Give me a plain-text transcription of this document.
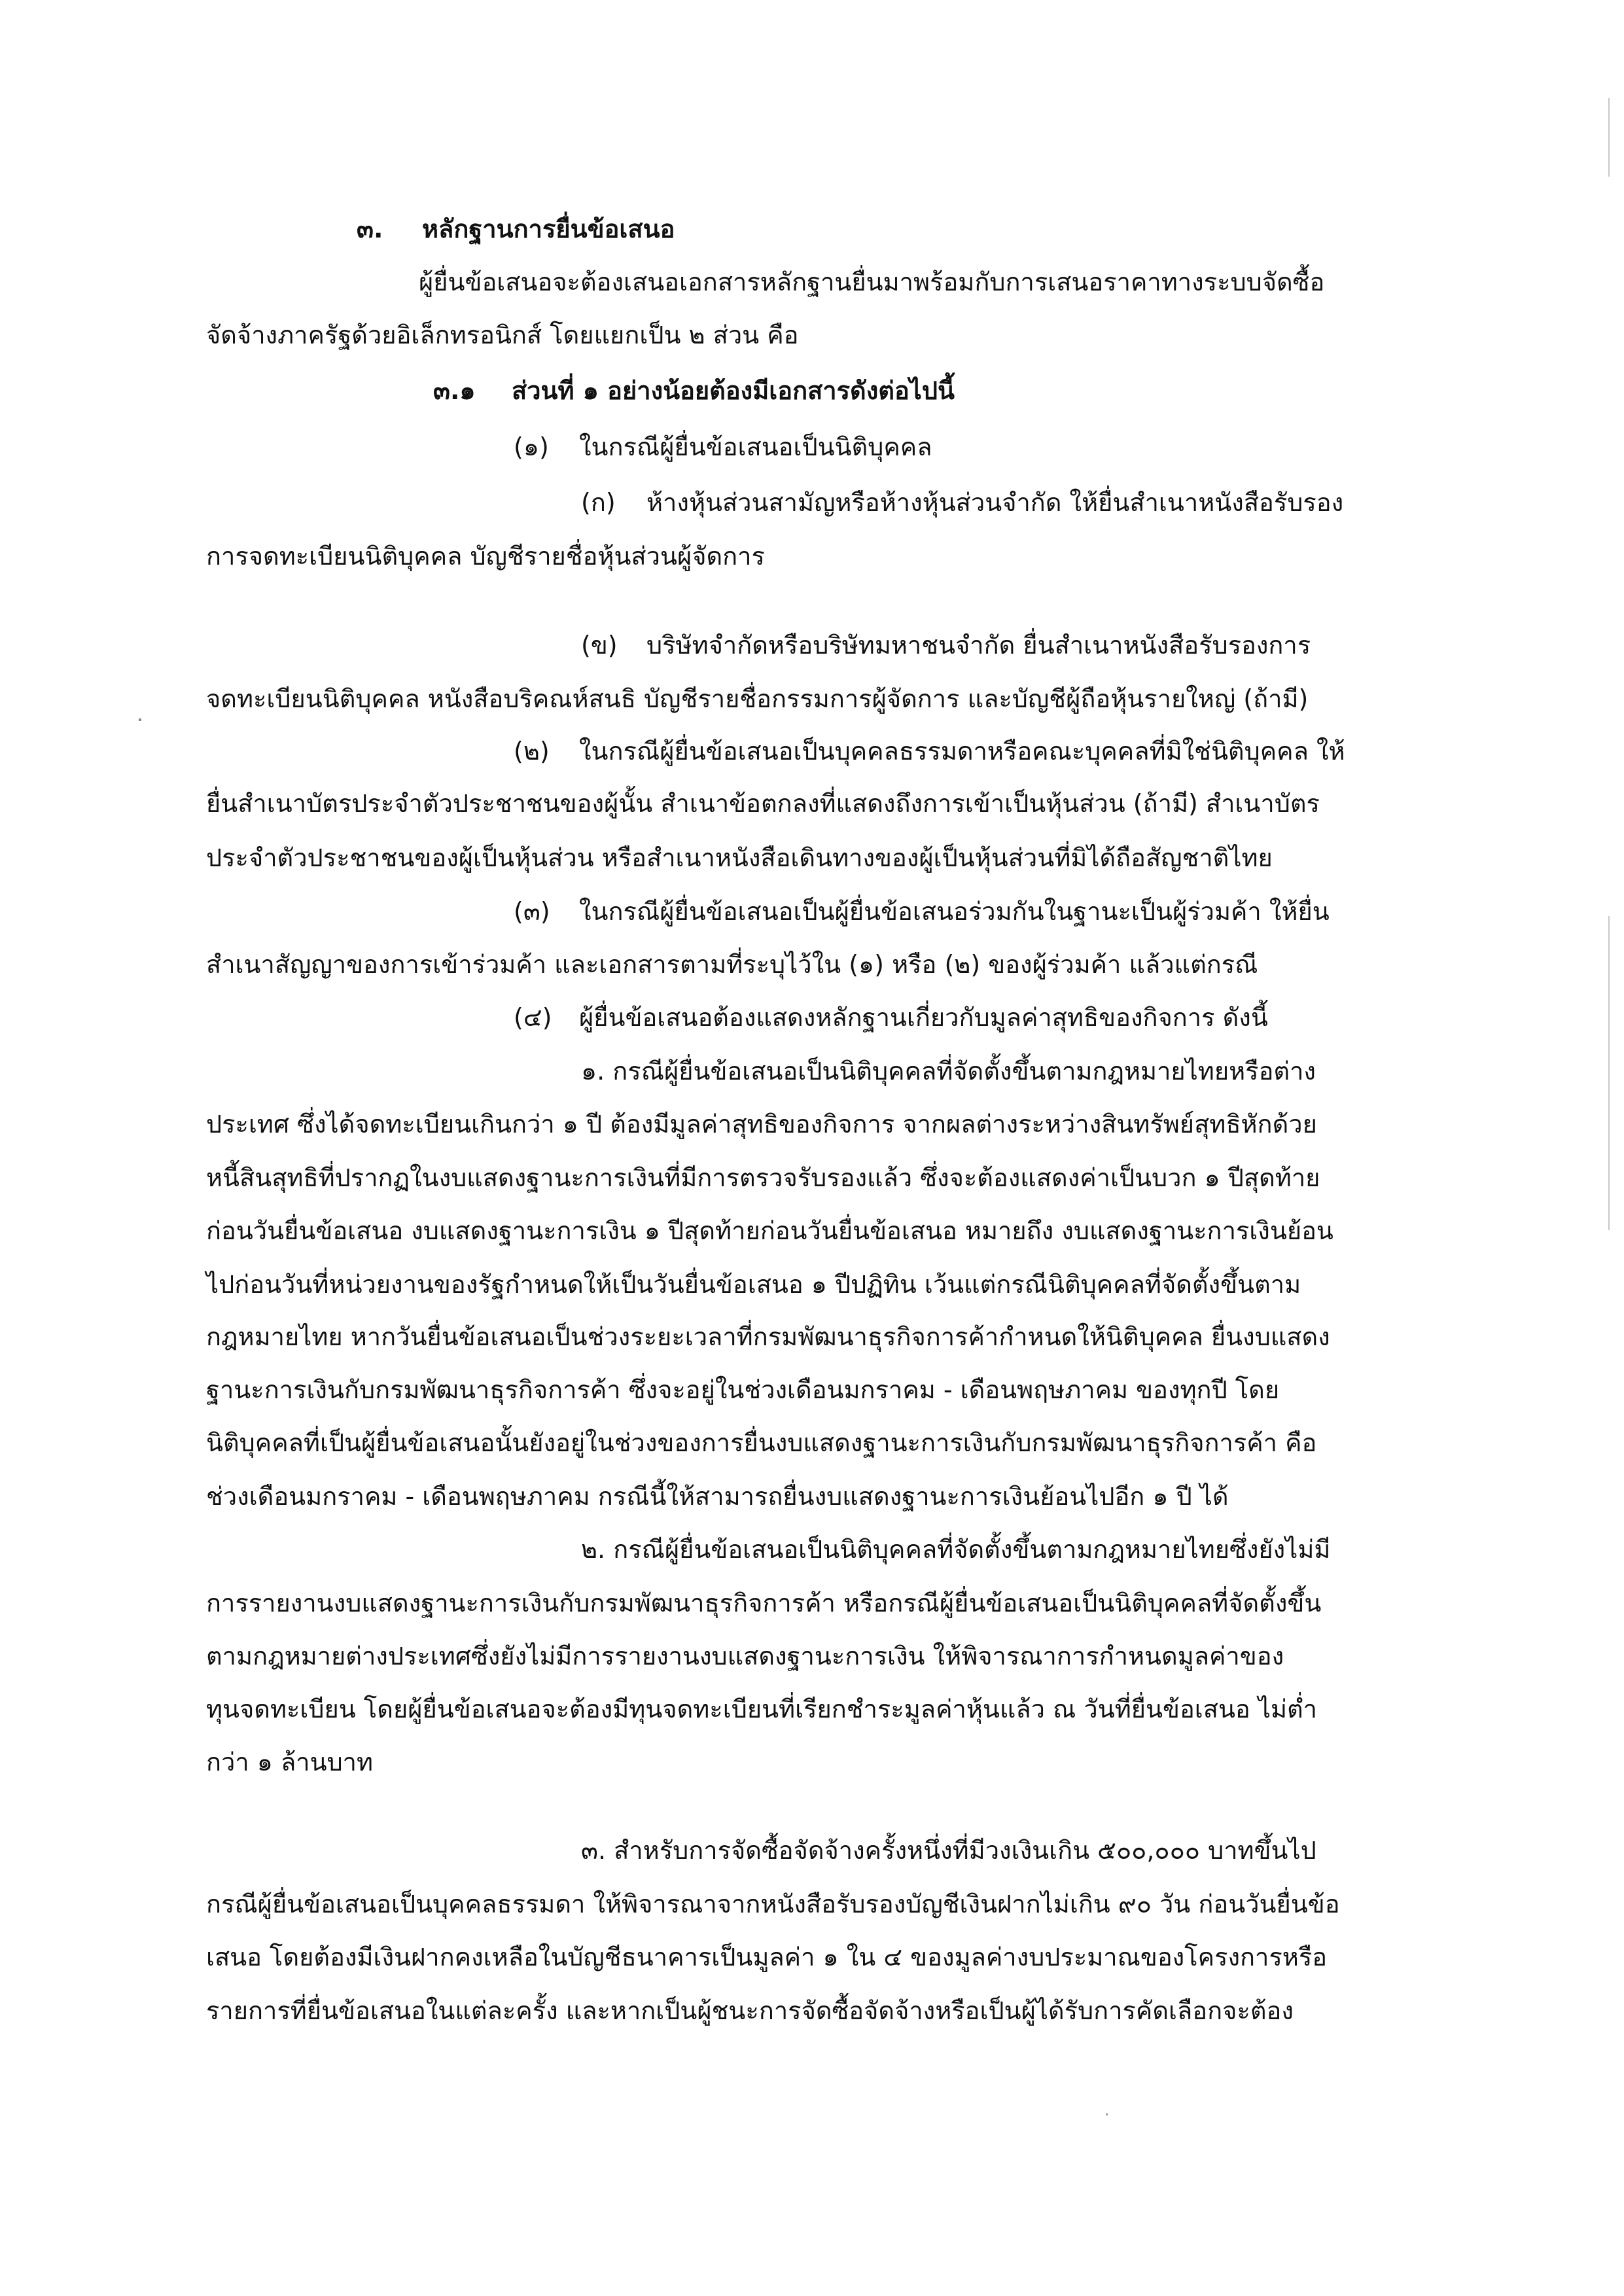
๓. หลักฐานการยื่นข้อเสนอ
ผู้ยื่นข้อเสนอจะต้องเสนอเอกสารหลักฐานยื่นมาพร้อมกับการเสนอราคาทางระบบจัดซื้อ
จัดจ้างภาครัฐด้วยอิเล็กทรอนิกส์ โดยแยกเป็น ๒ ส่วน คือ
๓.๑ ส่วนที่ ๑ อย่างน้อยต้องมีเอกสารดังต่อไปนี้
(๑) ในกรณีผู้ยื่นข้อเสนอเป็นนิติบุคคล
(ก) ห้างหุ้นส่วนสามัญหรือห้างหุ้นส่วนจำกัด ให้ยื่นสำเนาหนังสือรับรอง
การจดทะเบียนนิติบุคคล บัญชีรายชื่อหุ้นส่วนผู้จัดการ
(ข) บริษัทจำกัดหรือบริษัทมหาชนจำกัด ยื่นสำเนาหนังสือรับรองการ
จดทะเบียนนิติบุคคล หนังสือบริคณห์สนธิ บัญชีรายชื่อกรรมการผู้จัดการ และบัญชีผู้ถือหุ้นรายใหญ่ (ถ้ามี)
(๒) ในกรณีผู้ยื่นข้อเสนอเป็นบุคคลธรรมดาหรือคณะบุคคลที่มิใช่นิติบุคคล ให้
ยื่นสำเนาบัตรประจำตัวประชาชนของผู้นั้น สำเนาข้อตกลงที่แสดงถึงการเข้าเป็นหุ้นส่วน (ถ้ามี) สำเนาบัตร
ประจำตัวประชาชนของผู้เป็นหุ้นส่วน หรือสำเนาหนังสือเดินทางของผู้เป็นหุ้นส่วนที่มิได้ถือสัญชาติไทย
(๓) ในกรณีผู้ยื่นข้อเสนอเป็นผู้ยื่นข้อเสนอร่วมกันในฐานะเป็นผู้ร่วมค้า ให้ยื่น
สำเนาสัญญาของการเข้าร่วมค้า และเอกสารตามที่ระบุไว้ใน (๑) หรือ (๒) ของผู้ร่วมค้า แล้วแต่กรณี
(๔) ผู้ยื่นข้อเสนอต้องแสดงหลักฐานเกี่ยวกับมูลค่าสุทธิของกิจการ ดังนี้
๑. กรณีผู้ยื่นข้อเสนอเป็นนิติบุคคลที่จัดตั้งขึ้นตามกฎหมายไทยหรือต่าง
ประเทศ ซึ่งได้จดทะเบียนเกินกว่า ๑ ปี ต้องมีมูลค่าสุทธิของกิจการ จากผลต่างระหว่างสินทรัพย์สุทธิหักด้วย
หนี้สินสุทธิที่ปรากฏในงบแสดงฐานะการเงินที่มีการตรวจรับรองแล้ว ซึ่งจะต้องแสดงค่าเป็นบวก ๑ ปีสุดท้าย
ก่อนวันยื่นข้อเสนอ งบแสดงฐานะการเงิน ๑ ปีสุดท้ายก่อนวันยื่นข้อเสนอ หมายถึง งบแสดงฐานะการเงินย้อน
ไปก่อนวันที่หน่วยงานของรัฐกำหนดให้เป็นวันยื่นข้อเสนอ ๑ ปีปฏิทิน เว้นแต่กรณีนิติบุคคลที่จัดตั้งขึ้นตาม
กฎหมายไทย หากวันยื่นข้อเสนอเป็นช่วงระยะเวลาที่กรมพัฒนาธุรกิจการค้ากำหนดให้นิติบุคคล ยื่นงบแสดง
ฐานะการเงินกับกรมพัฒนาธุรกิจการค้า ซึ่งจะอยู่ในช่วงเดือนมกราคม - เดือนพฤษภาคม ของทุกปี โดย
นิติบุคคลที่เป็นผู้ยื่นข้อเสนอนั้นยังอยู่ในช่วงของการยื่นงบแสดงฐานะการเงินกับกรมพัฒนาธุรกิจการค้า คือ
ช่วงเดือนมกราคม - เดือนพฤษภาคม กรณีนี้ให้สามารถยื่นงบแสดงฐานะการเงินย้อนไปอีก ๑ ปี ได้
๒. กรณีผู้ยื่นข้อเสนอเป็นนิติบุคคลที่จัดตั้งขึ้นตามกฎหมายไทยซึ่งยังไม่มี
การรายงานงบแสดงฐานะการเงินกับกรมพัฒนาธุรกิจการค้า หรือกรณีผู้ยื่นข้อเสนอเป็นนิติบุคคลที่จัดตั้งขึ้น
ตามกฎหมายต่างประเทศซึ่งยังไม่มีการรายงานงบแสดงฐานะการเงิน ให้พิจารณาการกำหนดมูลค่าของ
ทุนจดทะเบียน โดยผู้ยื่นข้อเสนอจะต้องมีทุนจดทะเบียนที่เรียกชำระมูลค่าหุ้นแล้ว ณ วันที่ยื่นข้อเสนอ ไม่ต่ำ
กว่า ๑ ล้านบาท
๓. สำหรับการจัดซื้อจัดจ้างครั้งหนึ่งที่มีวงเงินเกิน ๕๐๐,๐๐๐ บาทขึ้นไป
กรณีผู้ยื่นข้อเสนอเป็นบุคคลธรรมดา ให้พิจารณาจากหนังสือรับรองบัญชีเงินฝากไม่เกิน ๙๐ วัน ก่อนวันยื่นข้อ
เสนอ โดยต้องมีเงินฝากคงเหลือในบัญชีธนาคารเป็นมูลค่า ๑ ใน ๔ ของมูลค่างบประมาณของโครงการหรือ
รายการที่ยื่นข้อเสนอในแต่ละครั้ง และหากเป็นผู้ชนะการจัดซื้อจัดจ้างหรือเป็นผู้ได้รับการคัดเลือกจะต้อง
